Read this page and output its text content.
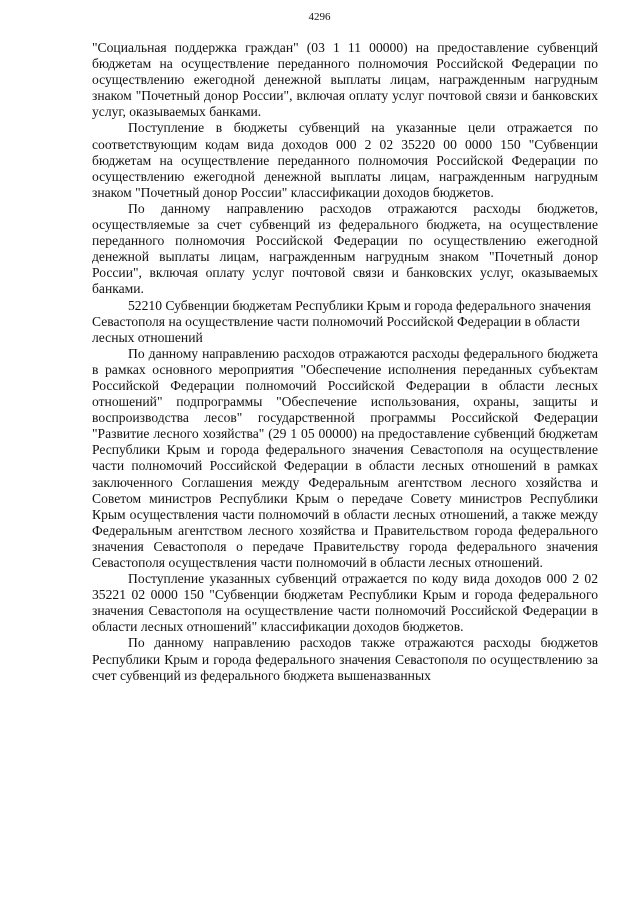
4296

"Социальная поддержка граждан" (03 1 11 00000) на предоставление субвенций бюджетам на осуществление переданного полномочия Российской Федерации по осуществлению ежегодной денежной выплаты лицам, награжденным нагрудным знаком "Почетный донор России", включая оплату услуг почтовой связи и банковских услуг, оказываемых банками.

Поступление в бюджеты субвенций на указанные цели отражается по соответствующим кодам вида доходов 000 2 02 35220 00 0000 150 "Субвенции бюджетам на осуществление переданного полномочия Российской Федерации по осуществлению ежегодной денежной выплаты лицам, награжденным нагрудным знаком "Почетный донор России" классификации доходов бюджетов.

По данному направлению расходов отражаются расходы бюджетов, осуществляемые за счет субвенций из федерального бюджета, на осуществление переданного полномочия Российской Федерации по осуществлению ежегодной денежной выплаты лицам, награжденным нагрудным знаком "Почетный донор России", включая оплату услуг почтовой связи и банковских услуг, оказываемых банками.

52210 Субвенции бюджетам Республики Крым и города федерального значения Севастополя на осуществление части полномочий Российской Федерации в области лесных отношений

По данному направлению расходов отражаются расходы федерального бюджета в рамках основного мероприятия "Обеспечение исполнения переданных субъектам Российской Федерации полномочий Российской Федерации в области лесных отношений" подпрограммы "Обеспечение использования, охраны, защиты и воспроизводства лесов" государственной программы Российской Федерации "Развитие лесного хозяйства" (29 1 05 00000) на предоставление субвенций бюджетам Республики Крым и города федерального значения Севастополя на осуществление части полномочий Российской Федерации в области лесных отношений в рамках заключенного Соглашения между Федеральным агентством лесного хозяйства и Советом министров Республики Крым о передаче Совету министров Республики Крым осуществления части полномочий в области лесных отношений, а также между Федеральным агентством лесного хозяйства и Правительством города федерального значения Севастополя о передаче Правительству города федерального значения Севастополя осуществления части полномочий в области лесных отношений.

Поступление указанных субвенций отражается по коду вида доходов 000 2 02 35221 02 0000 150 "Субвенции бюджетам Республики Крым и города федерального значения Севастополя на осуществление части полномочий Российской Федерации в области лесных отношений" классификации доходов бюджетов.

По данному направлению расходов также отражаются расходы бюджетов Республики Крым и города федерального значения Севастополя по осуществлению за счет субвенций из федерального бюджета вышеназванных
